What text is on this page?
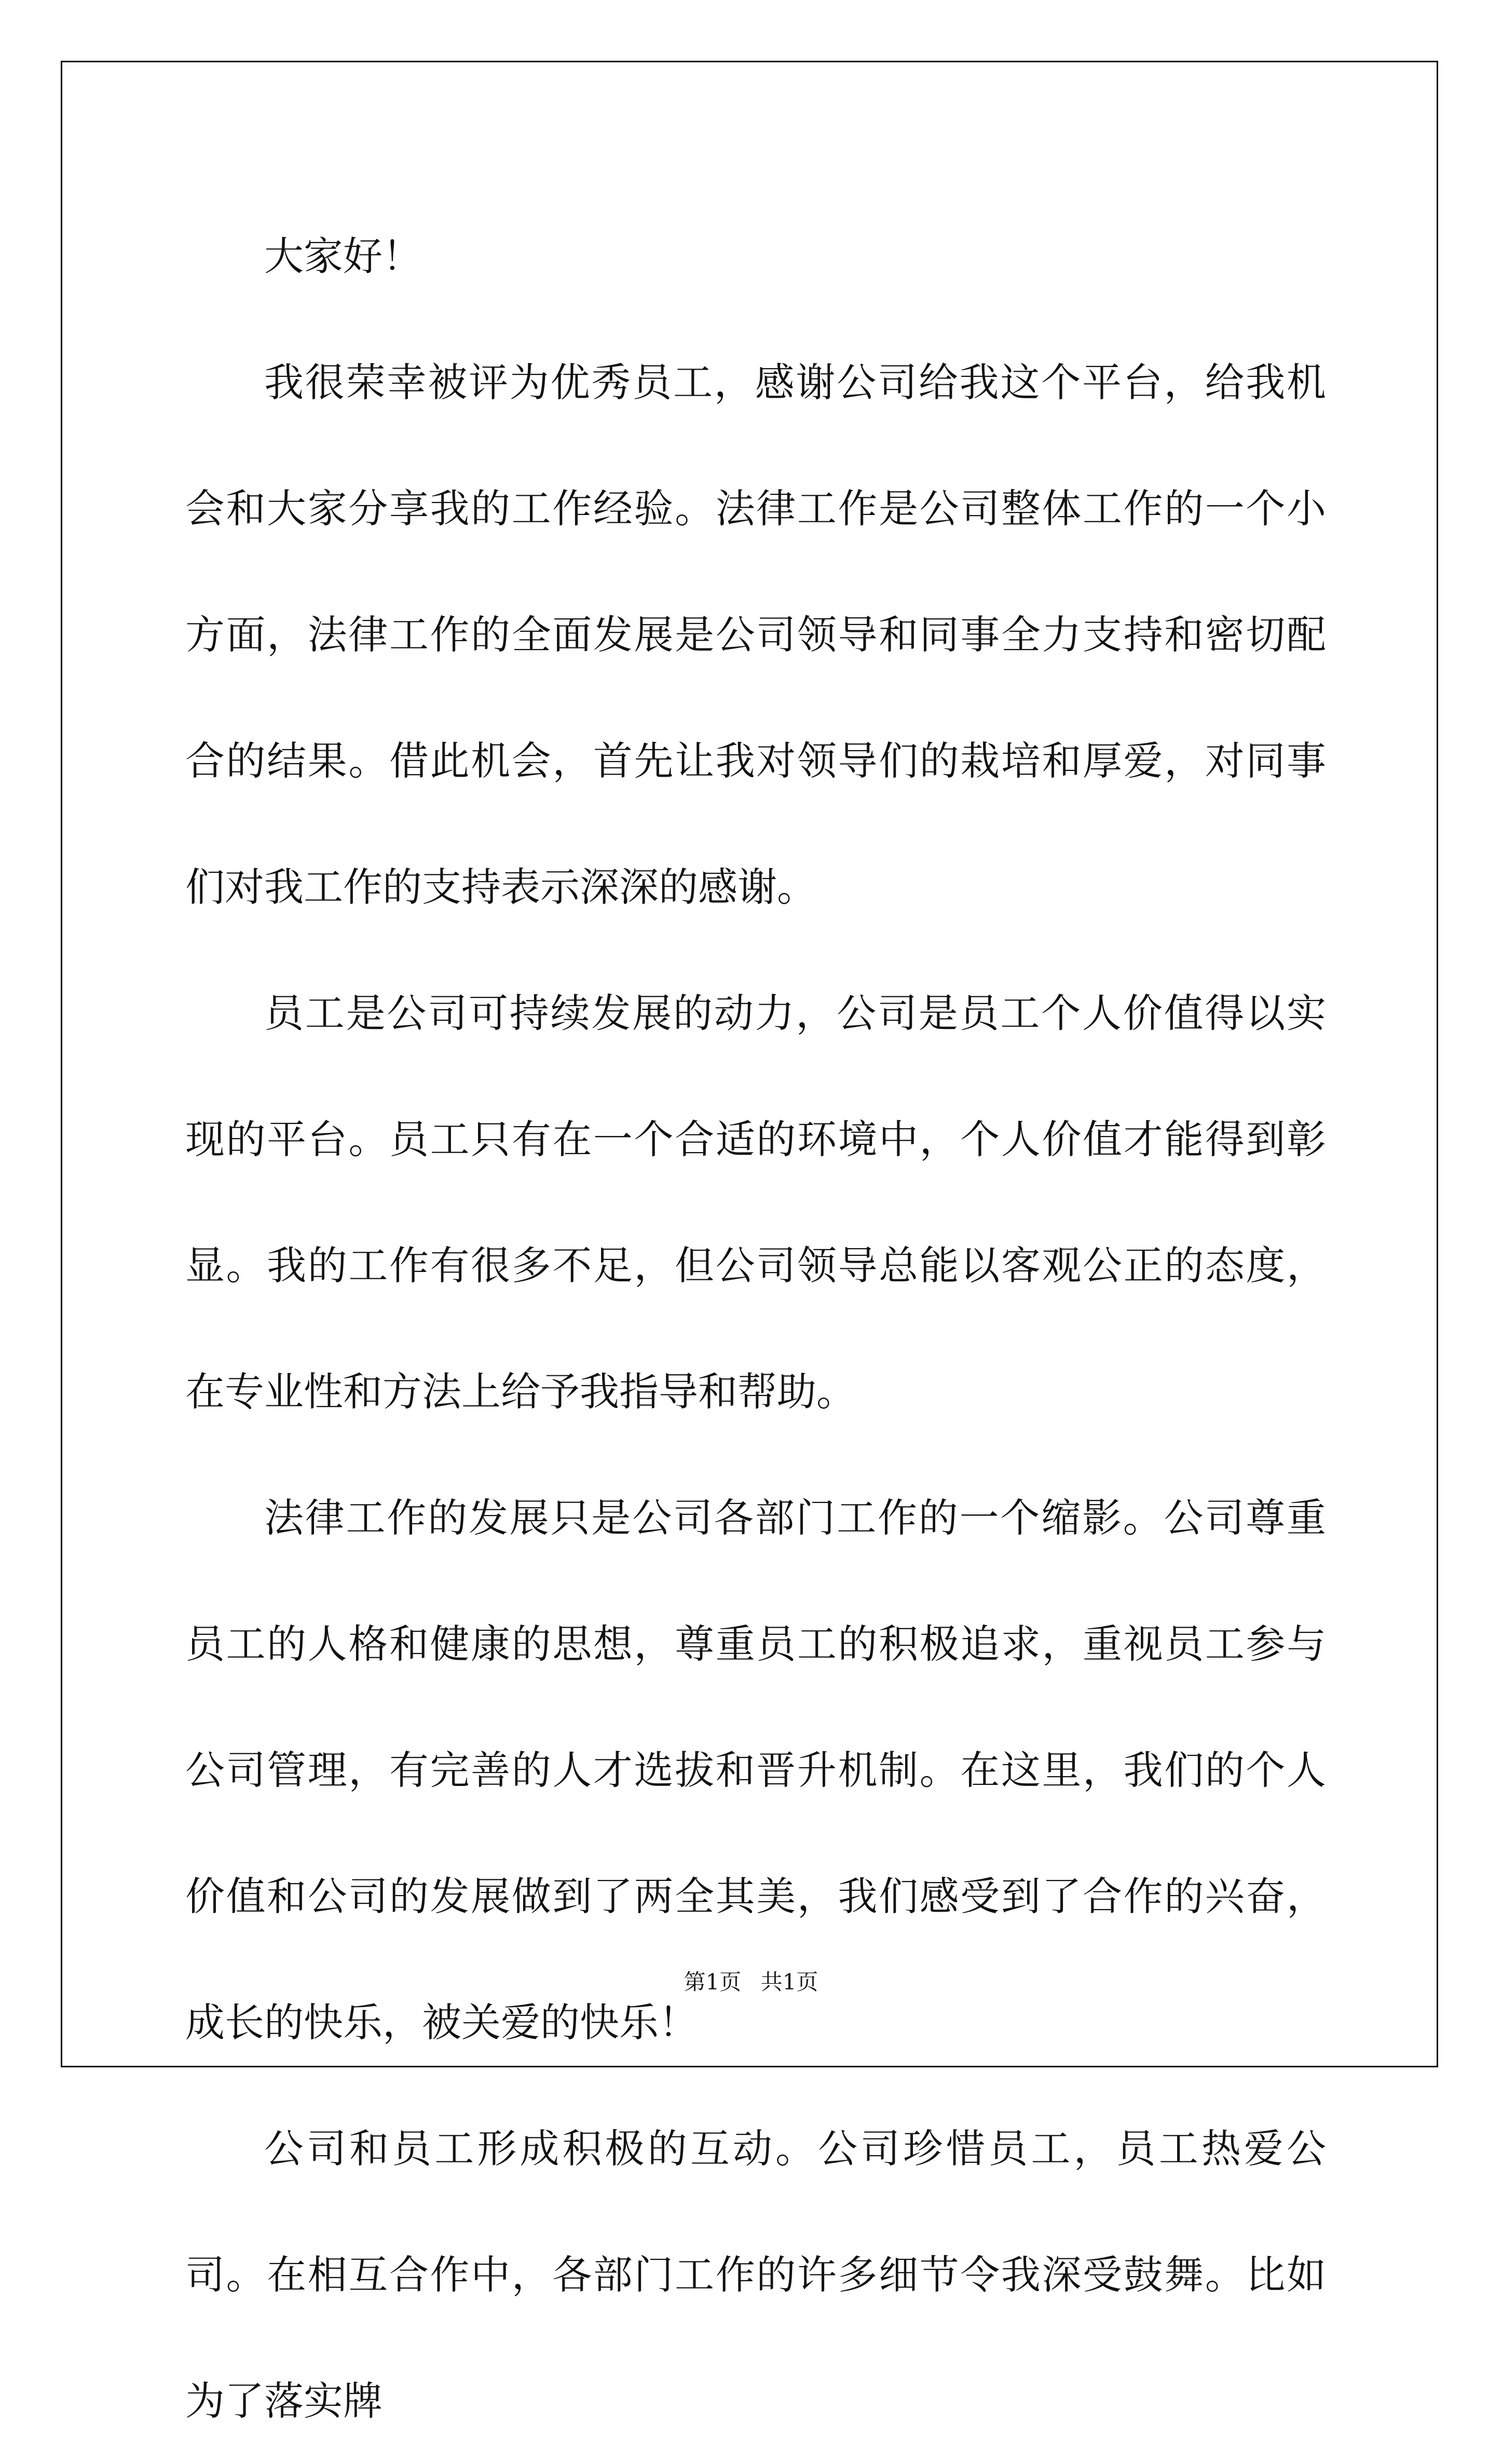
大家好！

我很荣幸被评为优秀员工，感谢公司给我这个平台，给我机会和大家分享我的工作经验。法律工作是公司整体工作的一个小方面，法律工作的全面发展是公司领导和同事全力支持和密切配合的结果。借此机会，首先让我对领导们的栽培和厚爱，对同事们对我工作的支持表示深深的感谢。

员工是公司可持续发展的动力，公司是员工个人价值得以实现的平台。员工只有在一个合适的环境中，个人价值才能得到彰显。我的工作有很多不足，但公司领导总能以客观公正的态度，在专业性和方法上给予我指导和帮助。

法律工作的发展只是公司各部门工作的一个缩影。公司尊重员工的人格和健康的思想，尊重员工的积极追求，重视员工参与公司管理，有完善的人才选拔和晋升机制。在这里，我们的个人价值和公司的发展做到了两全其美，我们感受到了合作的兴奋，成长的快乐，被关爱的快乐！

公司和员工形成积极的互动。公司珍惜员工，员工热爱公司。在相互合作中，各部门工作的许多细节令我深受鼓舞。比如为了落实牌

第1页 共1页
